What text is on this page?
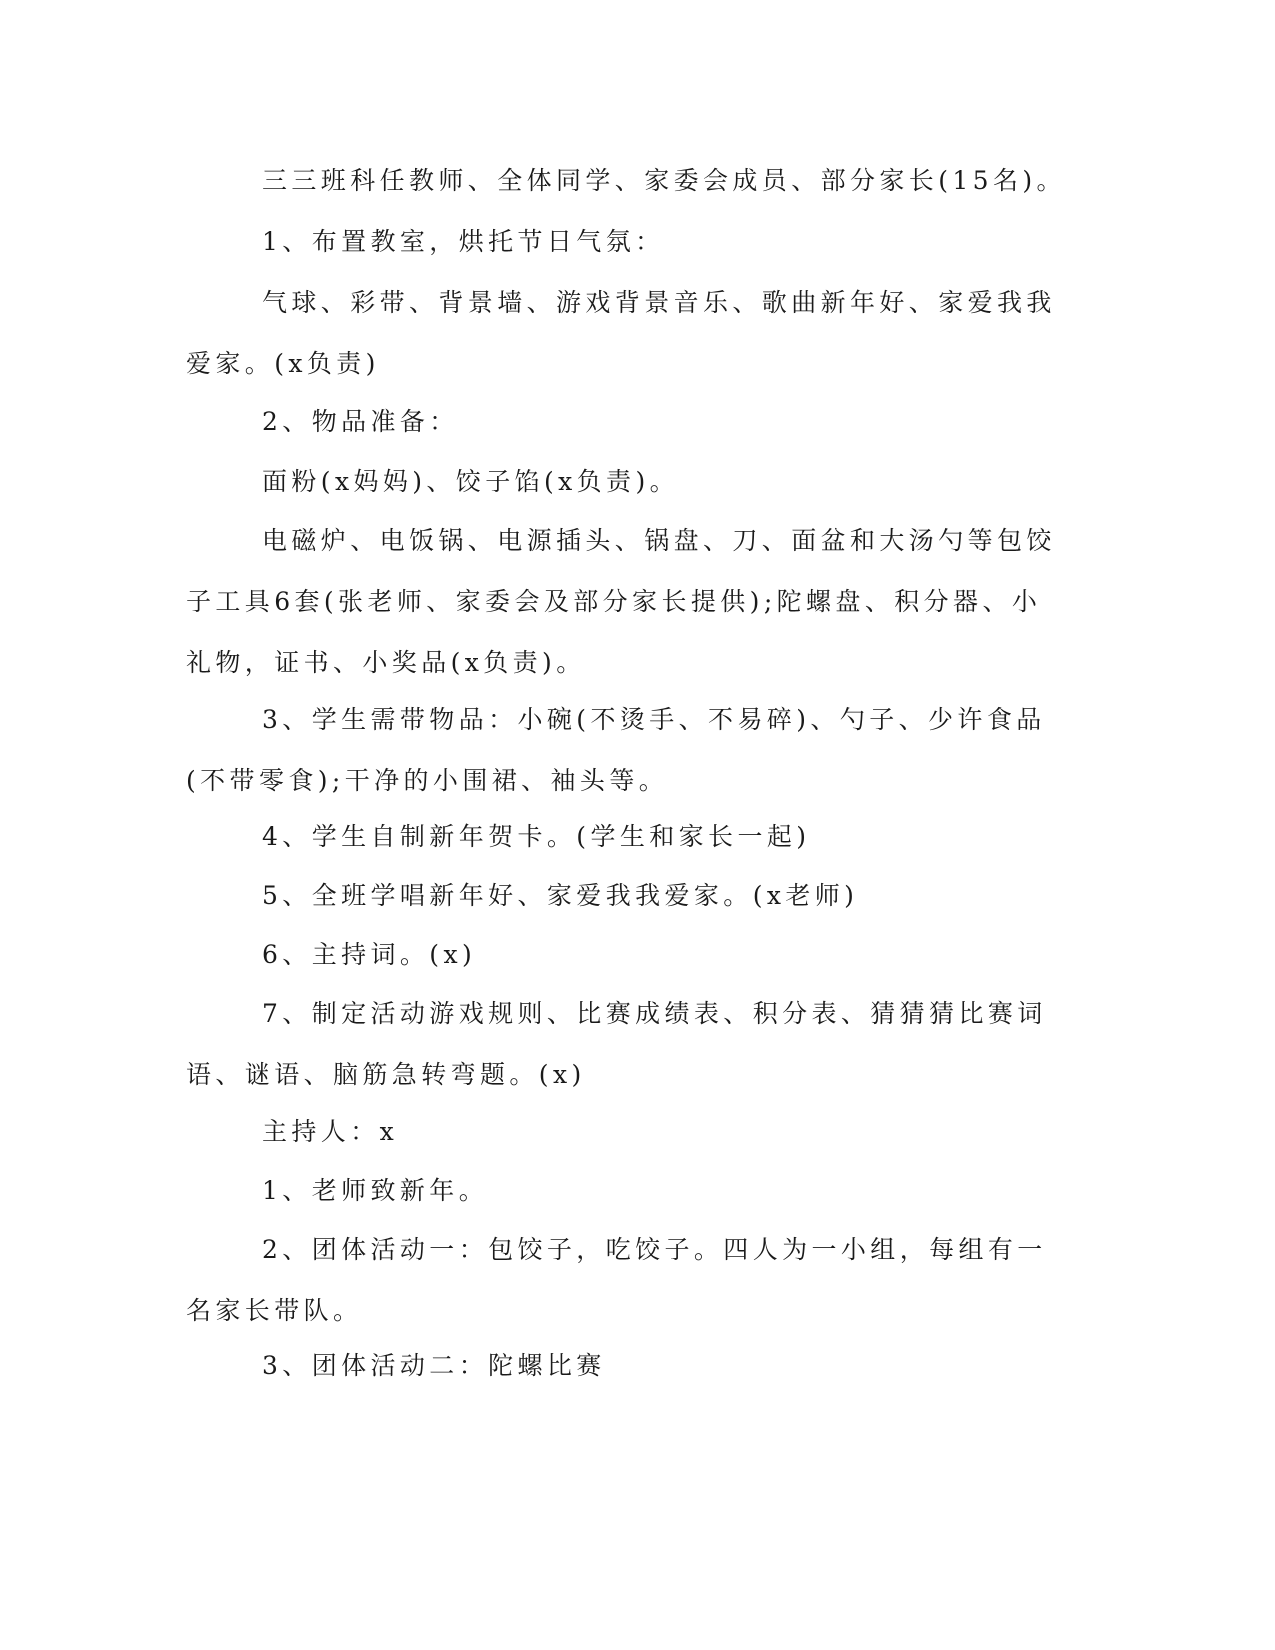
三三班科任教师、全体同学、家委会成员、部分家长(15名)。

1、布置教室，烘托节日气氛：

气球、彩带、背景墙、游戏背景音乐、歌曲新年好、家爱我我爱家。(x负责)

2、物品准备：

面粉(x妈妈)、饺子馅(x负责)。

电磁炉、电饭锅、电源插头、锅盘、刀、面盆和大汤勺等包饺子工具6套(张老师、家委会及部分家长提供);陀螺盘、积分器、小礼物，证书、小奖品(x负责)。

3、学生需带物品：小碗(不烫手、不易碎)、勺子、少许食品(不带零食);干净的小围裙、袖头等。

4、学生自制新年贺卡。(学生和家长一起)

5、全班学唱新年好、家爱我我爱家。(x老师)

6、主持词。(x)

7、制定活动游戏规则、比赛成绩表、积分表、猜猜猜比赛词语、谜语、脑筋急转弯题。(x)

主持人：x

1、老师致新年。

2、团体活动一：包饺子，吃饺子。四人为一小组，每组有一名家长带队。

3、团体活动二：陀螺比赛
